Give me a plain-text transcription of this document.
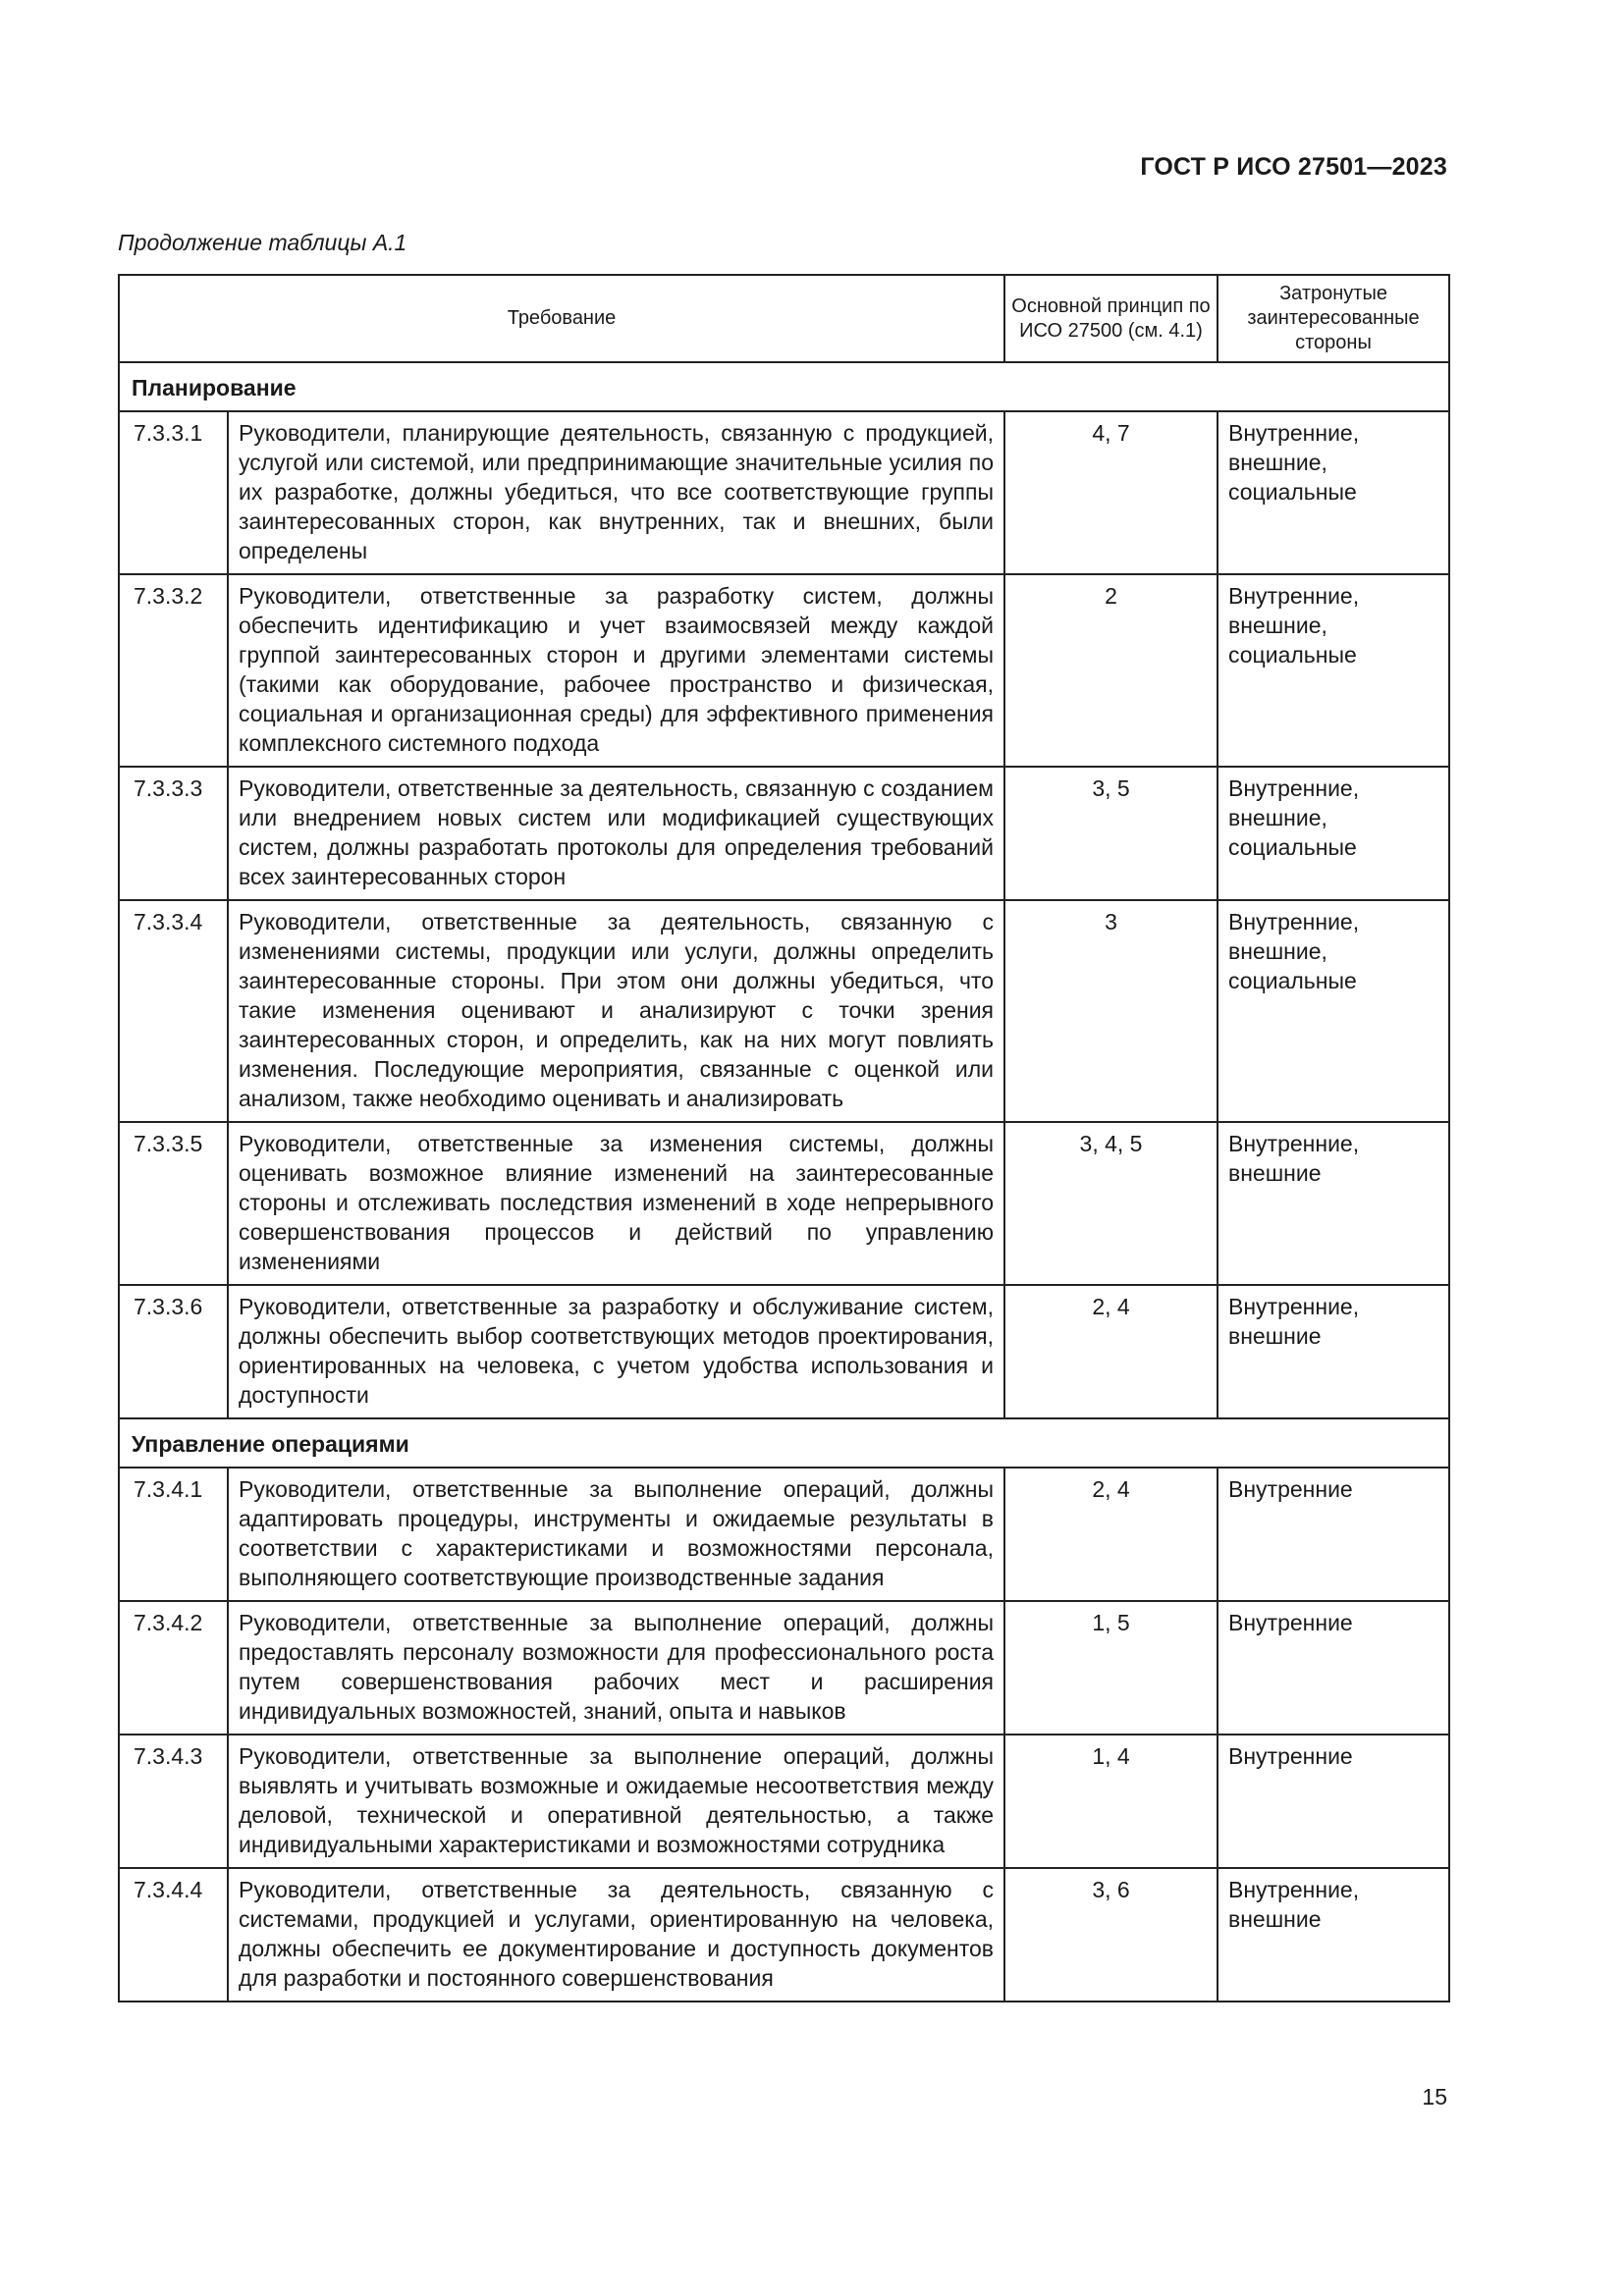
ГОСТ Р ИСО 27501—2023
Продолжение таблицы А.1
Требование		Основной принцип по ИСО 27500 (см. 4.1)	Затронутые заинтересованные стороны
Планирование			
7.3.3.1	Руководители, планирующие деятельность, связанную с продукцией, услугой или системой, или предпринимающие значительные усилия по их разработке, должны убедиться, что все соответствующие группы заинтересованных сторон, как внутренних, так и внешних, были определены	4, 7	Внутренние, внешние, социальные
7.3.3.2	Руководители, ответственные за разработку систем, должны обеспечить идентификацию и учет взаимосвязей между каждой группой заинтересованных сторон и другими элементами системы (такими как оборудование, рабочее пространство и физическая, социальная и организационная среды) для эффективного применения комплексного системного подхода	2	Внутренние, внешние, социальные
7.3.3.3	Руководители, ответственные за деятельность, связанную с созданием или внедрением новых систем или модификацией существующих систем, должны разработать протоколы для определения требований всех заинтересованных сторон	3, 5	Внутренние, внешние, социальные
7.3.3.4	Руководители, ответственные за деятельность, связанную с изменениями системы, продукции или услуги, должны определить заинтересованные стороны. При этом они должны убедиться, что такие изменения оценивают и анализируют с точки зрения заинтересованных сторон, и определить, как на них могут повлиять изменения. Последующие мероприятия, связанные с оценкой или анализом, также необходимо оценивать и анализировать	3	Внутренние, внешние, социальные
7.3.3.5	Руководители, ответственные за изменения системы, должны оценивать возможное влияние изменений на заинтересованные стороны и отслеживать последствия изменений в ходе непрерывного совершенствования процессов и действий по управлению изменениями	3, 4, 5	Внутренние, внешние
7.3.3.6	Руководители, ответственные за разработку и обслуживание систем, должны обеспечить выбор соответствующих методов проектирования, ориентированных на человека, с учетом удобства использования и доступности	2, 4	Внутренние, внешние
Управление операциями			
7.3.4.1	Руководители, ответственные за выполнение операций, должны адаптировать процедуры, инструменты и ожидаемые результаты в соответствии с характеристиками и возможностями персонала, выполняющего соответствующие производственные задания	2, 4	Внутренние
7.3.4.2	Руководители, ответственные за выполнение операций, должны предоставлять персоналу возможности для профессионального роста путем совершенствования рабочих мест и расширения индивидуальных возможностей, знаний, опыта и навыков	1, 5	Внутренние
7.3.4.3	Руководители, ответственные за выполнение операций, должны выявлять и учитывать возможные и ожидаемые несоответствия между деловой, технической и оперативной деятельностью, а также индивидуальными характеристиками и возможностями сотрудника	1, 4	Внутренние
7.3.4.4	Руководители, ответственные за деятельность, связанную с системами, продукцией и услугами, ориентированную на человека, должны обеспечить ее документирование и доступность документов для разработки и постоянного совершенствования	3, 6	Внутренние, внешние
15
